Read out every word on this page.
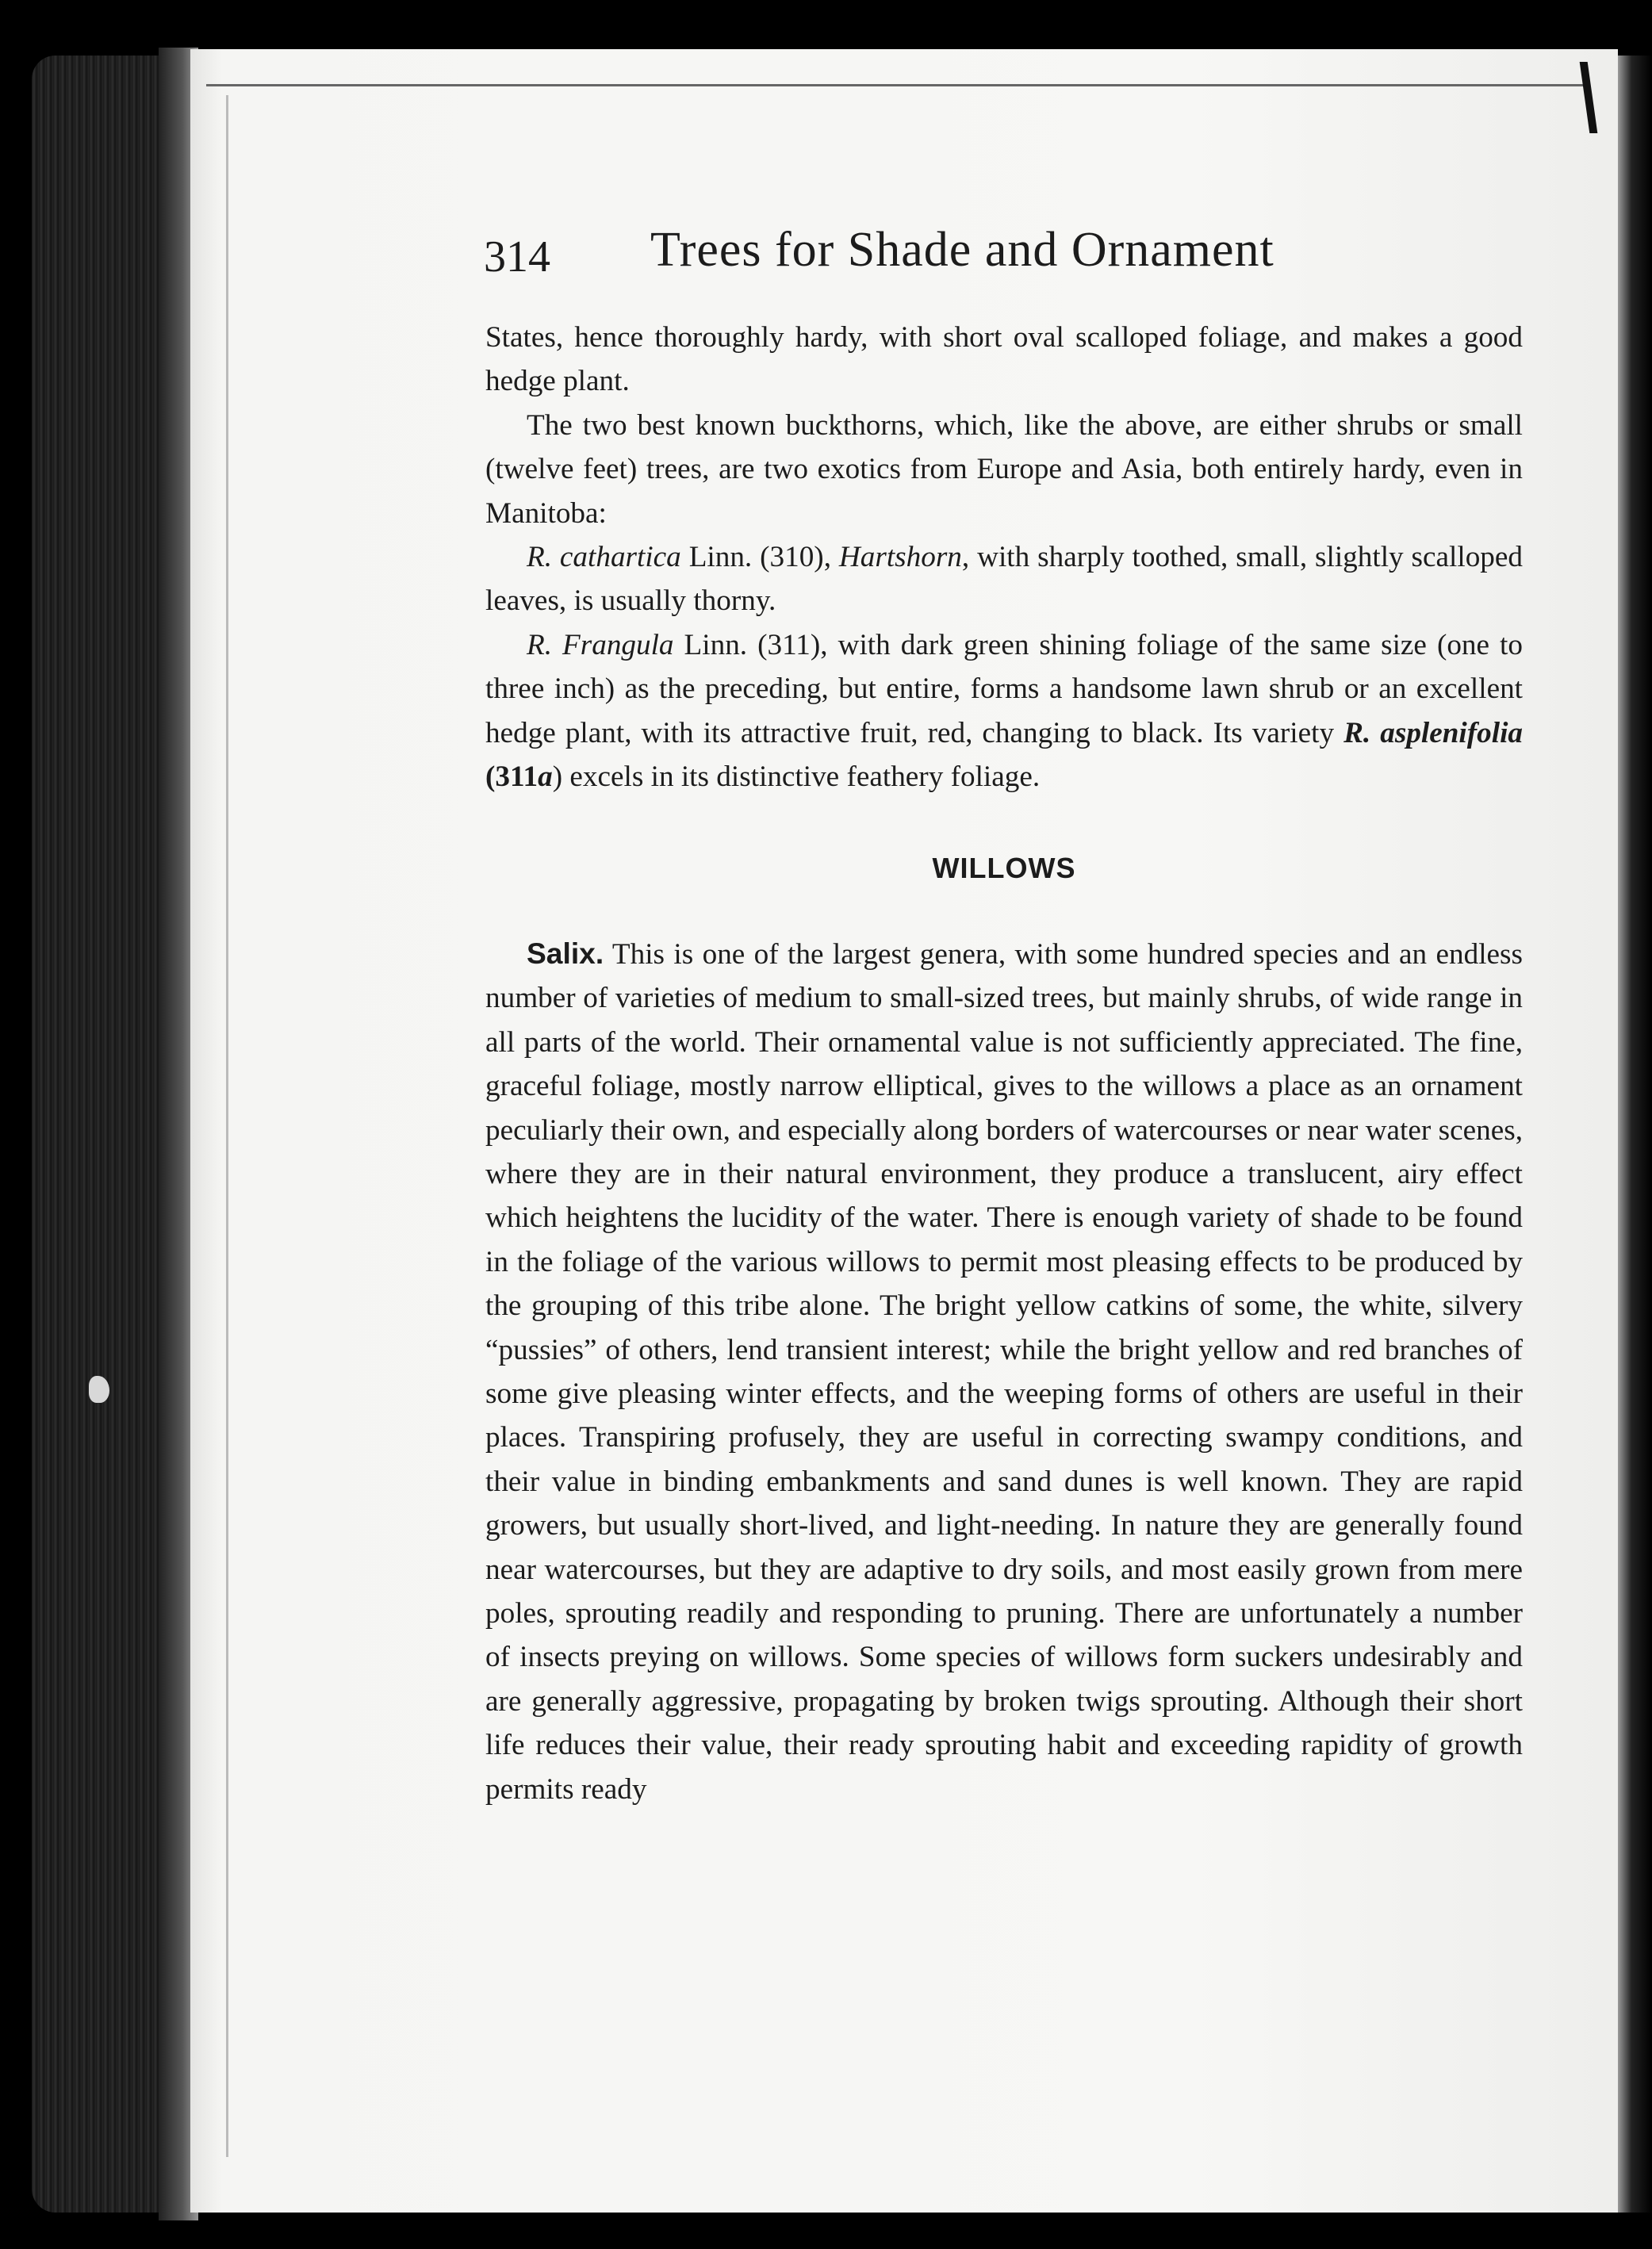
314 Trees for Shade and Ornament

States, hence thoroughly hardy, with short oval scalloped foliage, and makes a good hedge plant.

The two best known buckthorns, which, like the above, are either shrubs or small (twelve feet) trees, are two exotics from Europe and Asia, both entirely hardy, even in Manitoba:

R. cathartica Linn. (310), Hartshorn, with sharply toothed, small, slightly scalloped leaves, is usually thorny.

R. Frangula Linn. (311), with dark green shining foliage of the same size (one to three inch) as the preceding, but entire, forms a handsome lawn shrub or an excellent hedge plant, with its attractive fruit, red, changing to black. Its variety R. asplenifolia (311a) excels in its distinctive feathery foliage.

WILLOWS

Salix. This is one of the largest genera, with some hundred species and an endless number of varieties of medium to small-sized trees, but mainly shrubs, of wide range in all parts of the world. Their ornamental value is not sufficiently appreciated. The fine, graceful foliage, mostly narrow elliptical, gives to the willows a place as an ornament peculiarly their own, and especially along borders of watercourses or near water scenes, where they are in their natural environment, they produce a translucent, airy effect which heightens the lucidity of the water. There is enough variety of shade to be found in the foliage of the various willows to permit most pleasing effects to be produced by the grouping of this tribe alone. The bright yellow catkins of some, the white, silvery “pussies” of others, lend transient interest; while the bright yellow and red branches of some give pleasing winter effects, and the weeping forms of others are useful in their places. Transpiring profusely, they are useful in correcting swampy conditions, and their value in binding embankments and sand dunes is well known. They are rapid growers, but usually short-lived, and light-needing. In nature they are generally found near watercourses, but they are adaptive to dry soils, and most easily grown from mere poles, sprouting readily and responding to pruning. There are unfortunately a number of insects preying on willows. Some species of willows form suckers undesirably and are generally aggressive, propagating by broken twigs sprouting. Although their short life reduces their value, their ready sprouting habit and exceeding rapidity of growth permits ready
